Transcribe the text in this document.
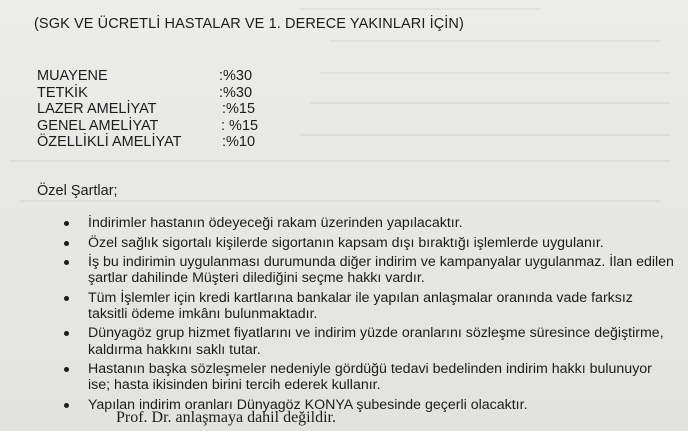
(SGK VE ÜCRETLİ HASTALAR VE 1. DERECE YAKINLARI İÇİN)
MUAYENE	:%30
TETKİK	:%30
LAZER AMELİYAT	:%15
GENEL AMELİYAT	: %15
ÖZELLİKLİ AMELİYAT	:%10
Özel Şartlar;
İndirimler hastanın ödeyeceği rakam üzerinden yapılacaktır.
Özel sağlık sigortalı kişilerde sigortanın kapsam dışı bıraktığı işlemlerde uygulanır.
İş bu indirimin uygulanması durumunda diğer indirim ve kampanyalar uygulanmaz. İlan edilen şartlar dahilinde Müşteri dilediğini seçme hakkı vardır.
Tüm İşlemler için kredi kartlarına bankalar ile yapılan anlaşmalar oranında vade farksız taksitli ödeme imkânı bulunmaktadır.
Dünyagöz grup hizmet fiyatlarını ve indirim yüzde oranlarını sözleşme süresince değiştirme, kaldırma hakkını saklı tutar.
Hastanın başka sözleşmeler nedeniyle gördüğü tedavi bedelinden indirim hakkı bulunuyor ise; hasta ikisinden birini tercih ederek kullanır.
Yapılan indirim oranları Dünyagöz KONYA şubesinde geçerli olacaktır.
Prof. Dr. anlaşmaya dahil değildir.
